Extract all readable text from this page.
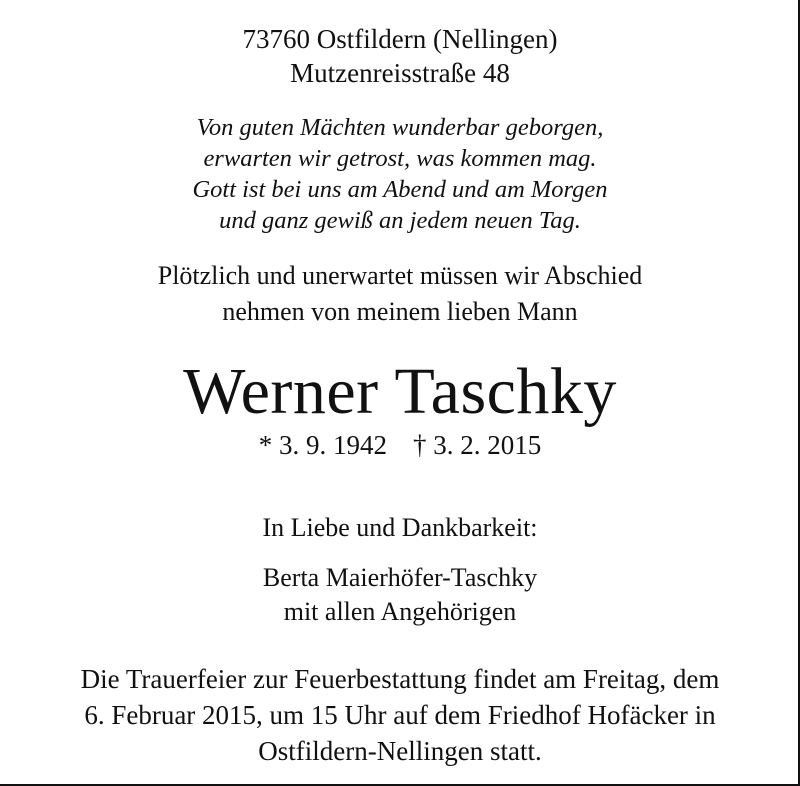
73760 Ostfildern (Nellingen)
Mutzenreisstraße 48
Von guten Mächten wunderbar geborgen,
erwarten wir getrost, was kommen mag.
Gott ist bei uns am Abend und am Morgen
und ganz gewiß an jedem neuen Tag.
Plötzlich und unerwartet müssen wir Abschied
nehmen von meinem lieben Mann
Werner Taschky
* 3. 9. 1942 † 3. 2. 2015
In Liebe und Dankbarkeit:
Berta Maierhöfer-Taschky
mit allen Angehörigen
Die Trauerfeier zur Feuerbestattung findet am Freitag, dem
6. Februar 2015, um 15 Uhr auf dem Friedhof Hofäcker in
Ostfildern-Nellingen statt.
